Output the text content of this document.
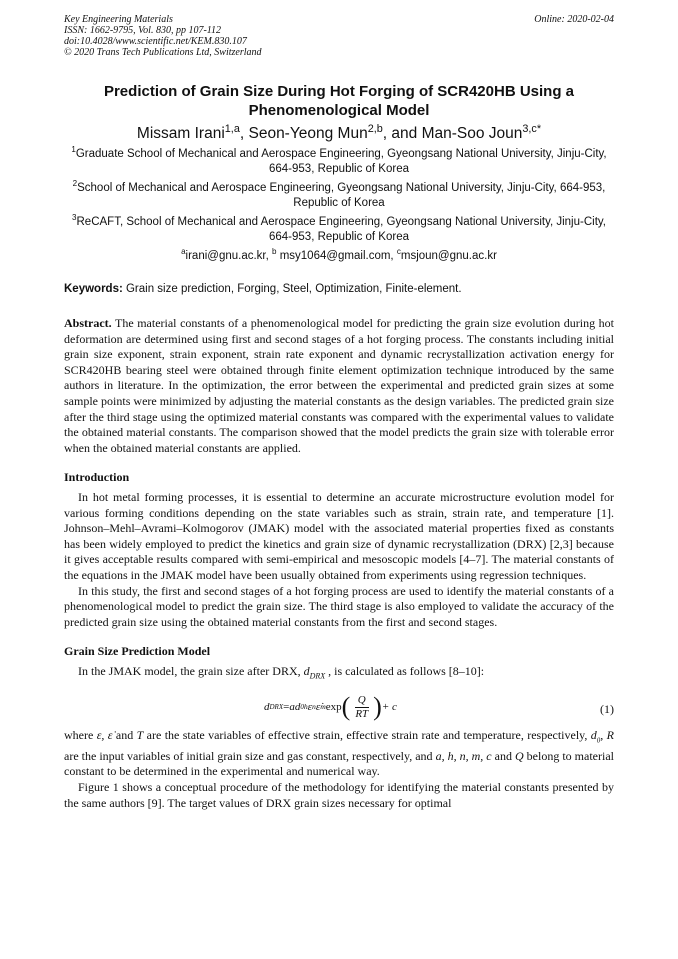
Key Engineering Materials
ISSN: 1662-9795, Vol. 830, pp 107-112
doi:10.4028/www.scientific.net/KEM.830.107
© 2020 Trans Tech Publications Ltd, Switzerland
Online: 2020-02-04
Prediction of Grain Size During Hot Forging of SCR420HB Using a Phenomenological Model
Missam Irani$^{1,a}$, Seon-Yeong Mun$^{2,b}$, and Man-Soo Joun$^{3,c*}$
$^1$Graduate School of Mechanical and Aerospace Engineering, Gyeongsang National University, Jinju-City, 664-953, Republic of Korea
$^2$School of Mechanical and Aerospace Engineering, Gyeongsang National University, Jinju-City, 664-953, Republic of Korea
$^3$ReCAFT, School of Mechanical and Aerospace Engineering, Gyeongsang National University, Jinju-City, 664-953, Republic of Korea
$^a$irani@gnu.ac.kr, $^b$ msy1064@gmail.com, $^c$msjoun@gnu.ac.kr
Keywords: Grain size prediction, Forging, Steel, Optimization, Finite-element.

Abstract. The material constants of a phenomenological model for predicting the grain size evolution during hot deformation are determined using first and second stages of a hot forging process. The constants including initial grain size exponent, strain exponent, strain rate exponent and dynamic recrystallization activation energy for SCR420HB bearing steel were obtained through finite element optimization technique introduced by the same authors in literature. In the optimization, the error between the experimental and predicted grain sizes at some sample points were minimized by adjusting the material constants as the design variables. The predicted grain size after the third stage using the optimized material constants was compared with the experimental values to validate the obtained material constants. The comparison showed that the model predicts the grain size with tolerable error when the obtained material constants are applied.

Introduction

In hot metal forming processes, it is essential to determine an accurate microstructure evolution model for various forming conditions depending on the state variables such as strain, strain rate, and temperature [1]. Johnson–Mehl–Avrami–Kolmogorov (JMAK) model with the associated material properties fixed as constants has been widely employed to predict the kinetics and grain size of dynamic recrystallization (DRX) [2,3] because it gives acceptable results compared with semi-empirical and mesoscopic models [4–7]. The material constants of the equations in the JMAK model have been usually obtained from experiments using regression techniques.

In this study, the first and second stages of a hot forging process are used to identify the material constants of a phenomenological model to predict the grain size. The third stage is also employed to validate the accuracy of the predicted grain size using the obtained material constants from the first and second stages.

Grain Size Prediction Model

In the JMAK model, the grain size after DRX, $d_{DRX}$ , is calculated as follows [8–10]:

d DRX = ad 0 h ε n ε̇ m exp ( $\frac{Q}{RT}$ ) + c	(1)

where ε, ε̇ and T are the state variables of effective strain, effective strain rate and temperature, respectively, $d_0$, R are the input variables of initial grain size and gas constant, respectively, and a, h, n, m, c and Q belong to material constant to be determined in the experimental and numerical way.

Figure 1 shows a conceptual procedure of the methodology for identifying the material constants presented by the same authors [9]. The target values of DRX grain sizes necessary for optimal
